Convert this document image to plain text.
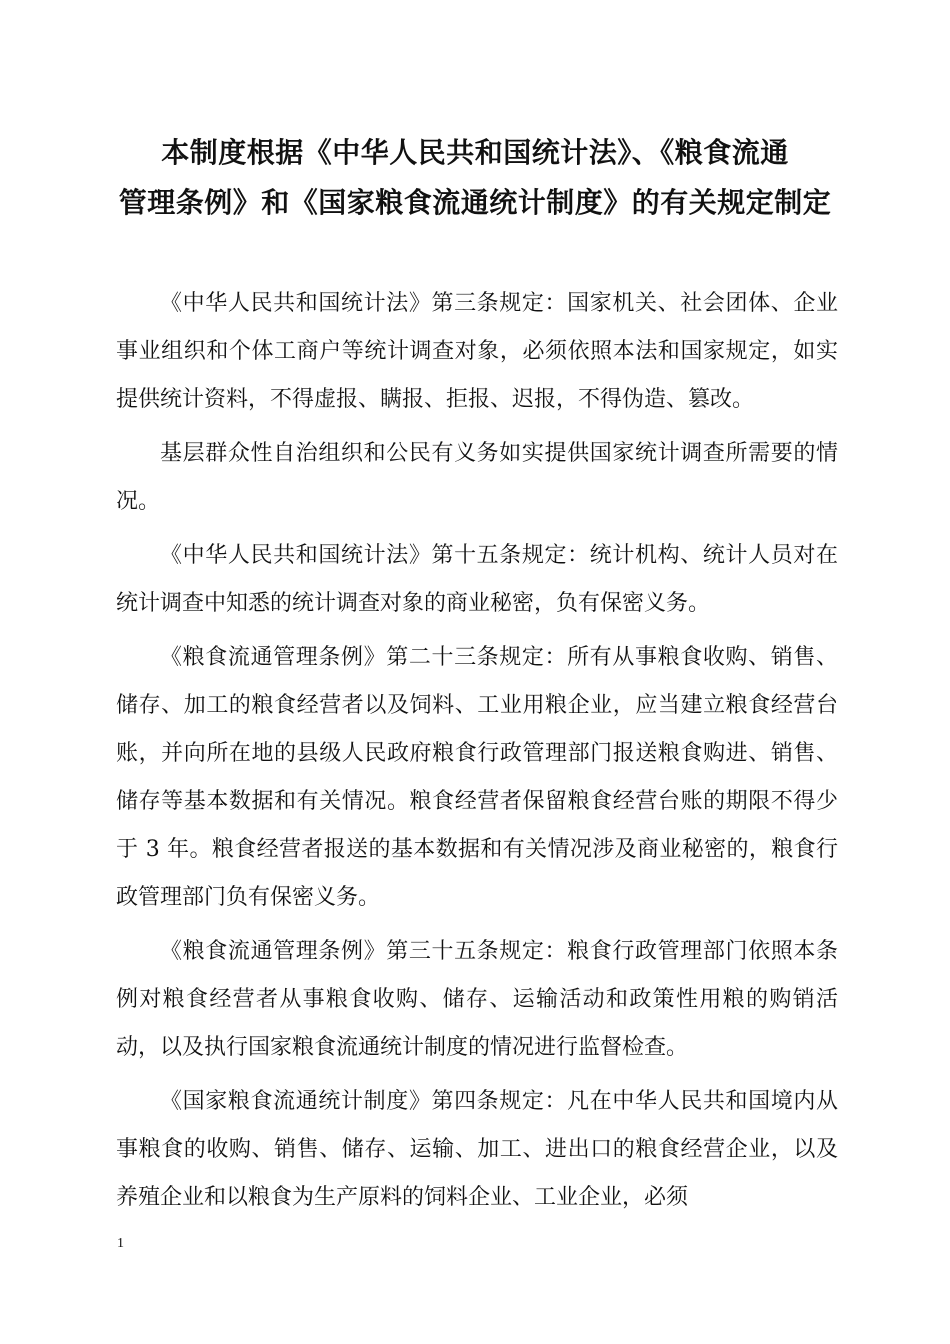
本制度根据《中华人民共和国统计法》、《粮食流通
管理条例》和《国家粮食流通统计制度》的有关规定制定

《中华人民共和国统计法》第三条规定：国家机关、社会团体、企业事业组织和个体工商户等统计调查对象，必须依照本法和国家规定，如实提供统计资料，不得虚报、瞒报、拒报、迟报，不得伪造、篡改。

基层群众性自治组织和公民有义务如实提供国家统计调查所需要的情况。

《中华人民共和国统计法》第十五条规定：统计机构、统计人员对在统计调查中知悉的统计调查对象的商业秘密，负有保密义务。

《粮食流通管理条例》第二十三条规定：所有从事粮食收购、销售、储存、加工的粮食经营者以及饲料、工业用粮企业，应当建立粮食经营台账，并向所在地的县级人民政府粮食行政管理部门报送粮食购进、销售、储存等基本数据和有关情况。粮食经营者保留粮食经营台账的期限不得少于 3 年。粮食经营者报送的基本数据和有关情况涉及商业秘密的，粮食行政管理部门负有保密义务。

《粮食流通管理条例》第三十五条规定：粮食行政管理部门依照本条例对粮食经营者从事粮食收购、储存、运输活动和政策性用粮的购销活动，以及执行国家粮食流通统计制度的情况进行监督检查。

《国家粮食流通统计制度》第四条规定：凡在中华人民共和国境内从事粮食的收购、销售、储存、运输、加工、进出口的粮食经营企业，以及养殖企业和以粮食为生产原料的饲料企业、工业企业，必须

1
